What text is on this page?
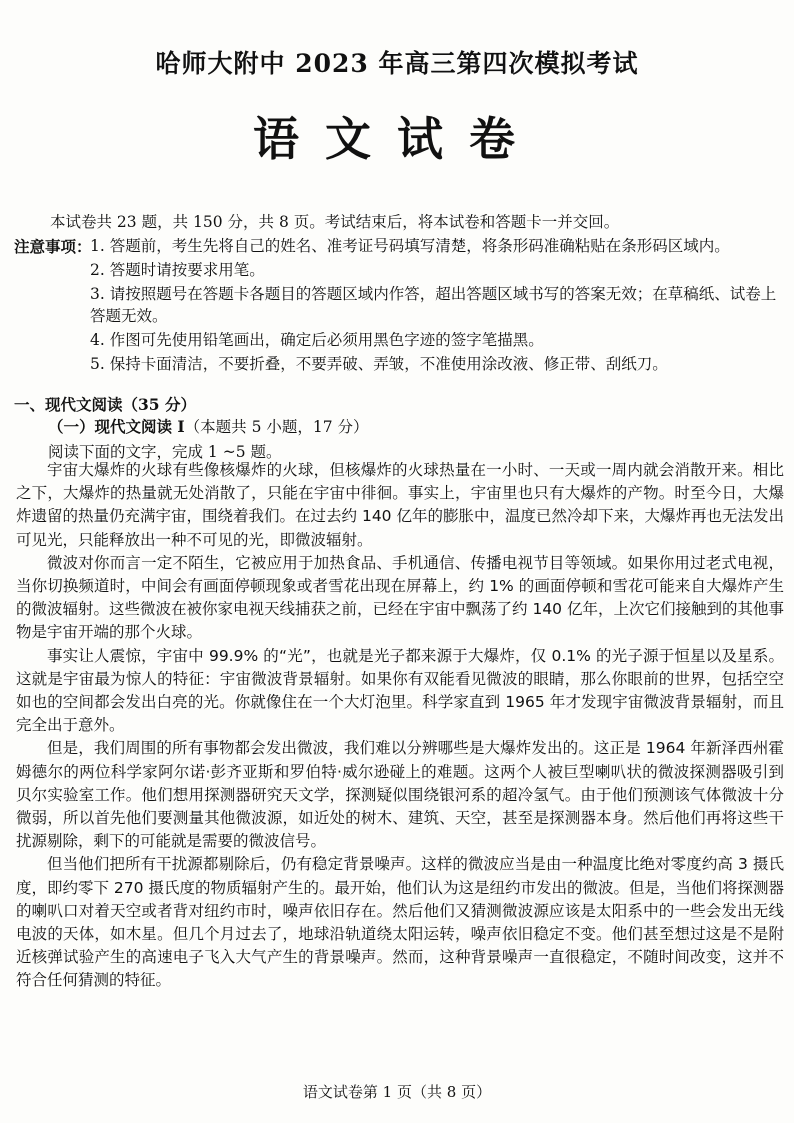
哈师大附中 2023 年高三第四次模拟考试
语文试卷
本试卷共 23 题，共 150 分，共 8 页。考试结束后，将本试卷和答题卡一并交回。
注意事项：
1. 答题前，考生先将自己的姓名、准考证号码填写清楚，将条形码准确粘贴在条形码区域内。
2. 答题时请按要求用笔。
3. 请按照题号在答题卡各题目的答题区域内作答，超出答题区域书写的答案无效；在草稿纸、试卷上答题无效。
4. 作图可先使用铅笔画出，确定后必须用黑色字迹的签字笔描黑。
5. 保持卡面清洁，不要折叠，不要弄破、弄皱，不准使用涂改液、修正带、刮纸刀。
一、现代文阅读（35 分）
（一）现代文阅读 I（本题共 5 小题，17 分）
阅读下面的文字，完成 1 ~5 题。

宇宙大爆炸的火球有些像核爆炸的火球，但核爆炸的火球热量在一小时、一天或一周内就会消散开来。相比之下，大爆炸的热量就无处消散了，只能在宇宙中徘徊。事实上，宇宙里也只有大爆炸的产物。时至今日，大爆炸遗留的热量仍充满宇宙，围绕着我们。在过去约 140 亿年的膨胀中，温度已然冷却下来，大爆炸再也无法发出可见光，只能释放出一种不可见的光，即微波辐射。

微波对你而言一定不陌生，它被应用于加热食品、手机通信、传播电视节目等领域。如果你用过老式电视，当你切换频道时，中间会有画面停顿现象或者雪花出现在屏幕上，约 1% 的画面停顿和雪花可能来自大爆炸产生的微波辐射。这些微波在被你家电视天线捕获之前，已经在宇宙中飘荡了约 140 亿年，上次它们接触到的其他事物是宇宙开端的那个火球。

事实让人震惊，宇宙中 99.9% 的“光”，也就是光子都来源于大爆炸，仅 0.1% 的光子源于恒星以及星系。这就是宇宙最为惊人的特征：宇宙微波背景辐射。如果你有双能看见微波的眼睛，那么你眼前的世界，包括空空如也的空间都会发出白亮的光。你就像住在一个大灯泡里。科学家直到 1965 年才发现宇宙微波背景辐射，而且完全出于意外。

但是，我们周围的所有事物都会发出微波，我们难以分辨哪些是大爆炸发出的。这正是 1964 年新泽西州霍姆德尔的两位科学家阿尔诺·彭齐亚斯和罗伯特·威尔逊碰上的难题。这两个人被巨型喇叭状的微波探测器吸引到贝尔实验室工作。他们想用探测器研究天文学，探测疑似围绕银河系的超冷氢气。由于他们预测该气体微波十分微弱，所以首先他们要测量其他微波源，如近处的树木、建筑、天空，甚至是探测器本身。然后他们再将这些干扰源剔除，剩下的可能就是需要的微波信号。

但当他们把所有干扰源都剔除后，仍有稳定背景噪声。这样的微波应当是由一种温度比绝对零度约高 3 摄氏度，即约零下 270 摄氏度的物质辐射产生的。最开始，他们认为这是纽约市发出的微波。但是，当他们将探测器的喇叭口对着天空或者背对纽约市时，噪声依旧存在。然后他们又猜测微波源应该是太阳系中的一些会发出无线电波的天体，如木星。但几个月过去了，地球沿轨道绕太阳运转，噪声依旧稳定不变。他们甚至想过这是不是附近核弹试验产生的高速电子飞入大气产生的背景噪声。然而，这种背景噪声一直很稳定，不随时间改变，这并不符合任何猜测的特征。

语文试卷第 1 页（共 8 页）
